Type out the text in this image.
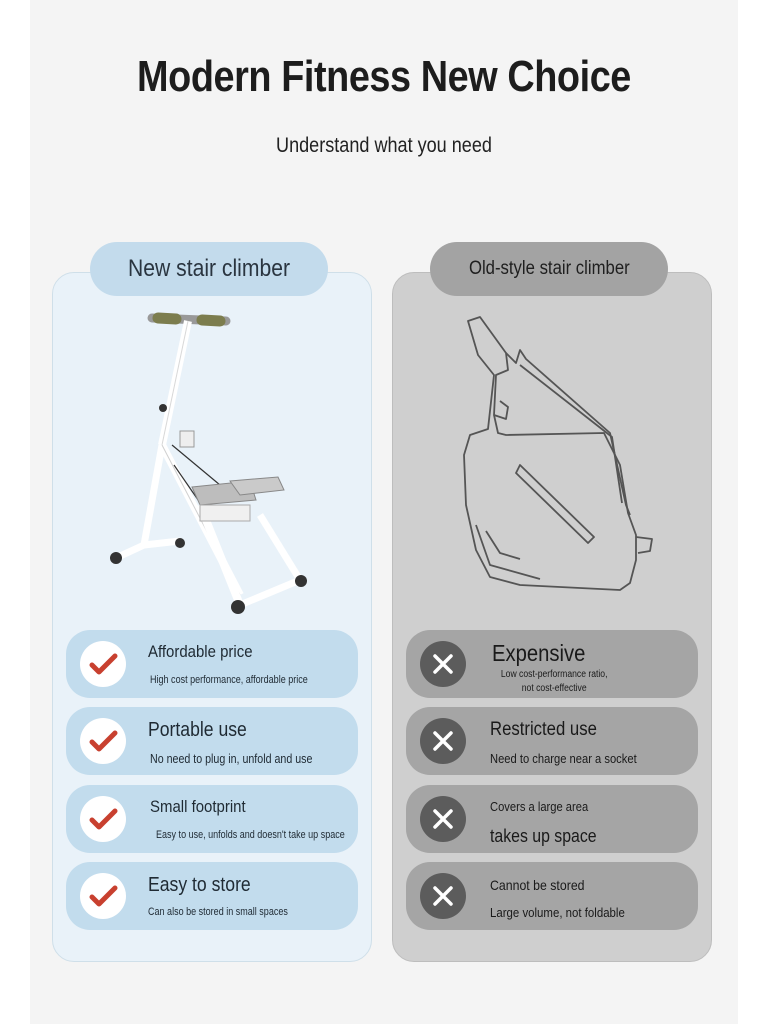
Modern Fitness New Choice
Understand what you need
New stair climber	Old-style stair climber
Affordable price
High cost performance, affordable price
Portable use
No need to plug in, unfold and use
Small footprint
Easy to use, unfolds and doesn't take up space
Easy to store
Can also be stored in small spaces
Expensive
Low cost-performance ratio, not cost-effective
Restricted use
Need to charge near a socket
Covers a large area
takes up space
Cannot be stored
Large volume, not foldable
